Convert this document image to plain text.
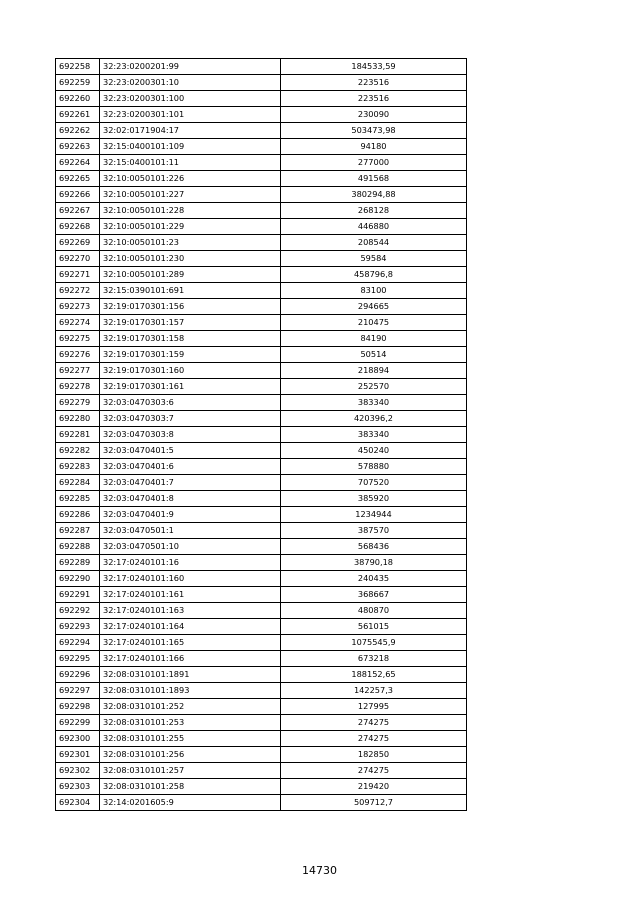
692258	32:23:0200201:99	184533,59
692259	32:23:0200301:10	223516
692260	32:23:0200301:100	223516
692261	32:23:0200301:101	230090
692262	32:02:0171904:17	503473,98
692263	32:15:0400101:109	94180
692264	32:15:0400101:11	277000
692265	32:10:0050101:226	491568
692266	32:10:0050101:227	380294,88
692267	32:10:0050101:228	268128
692268	32:10:0050101:229	446880
692269	32:10:0050101:23	208544
692270	32:10:0050101:230	59584
692271	32:10:0050101:289	458796,8
692272	32:15:0390101:691	83100
692273	32:19:0170301:156	294665
692274	32:19:0170301:157	210475
692275	32:19:0170301:158	84190
692276	32:19:0170301:159	50514
692277	32:19:0170301:160	218894
692278	32:19:0170301:161	252570
692279	32:03:0470303:6	383340
692280	32:03:0470303:7	420396,2
692281	32:03:0470303:8	383340
692282	32:03:0470401:5	450240
692283	32:03:0470401:6	578880
692284	32:03:0470401:7	707520
692285	32:03:0470401:8	385920
692286	32:03:0470401:9	1234944
692287	32:03:0470501:1	387570
692288	32:03:0470501:10	568436
692289	32:17:0240101:16	38790,18
692290	32:17:0240101:160	240435
692291	32:17:0240101:161	368667
692292	32:17:0240101:163	480870
692293	32:17:0240101:164	561015
692294	32:17:0240101:165	1075545,9
692295	32:17:0240101:166	673218
692296	32:08:0310101:1891	188152,65
692297	32:08:0310101:1893	142257,3
692298	32:08:0310101:252	127995
692299	32:08:0310101:253	274275
692300	32:08:0310101:255	274275
692301	32:08:0310101:256	182850
692302	32:08:0310101:257	274275
692303	32:08:0310101:258	219420
692304	32:14:0201605:9	509712,7
14730
